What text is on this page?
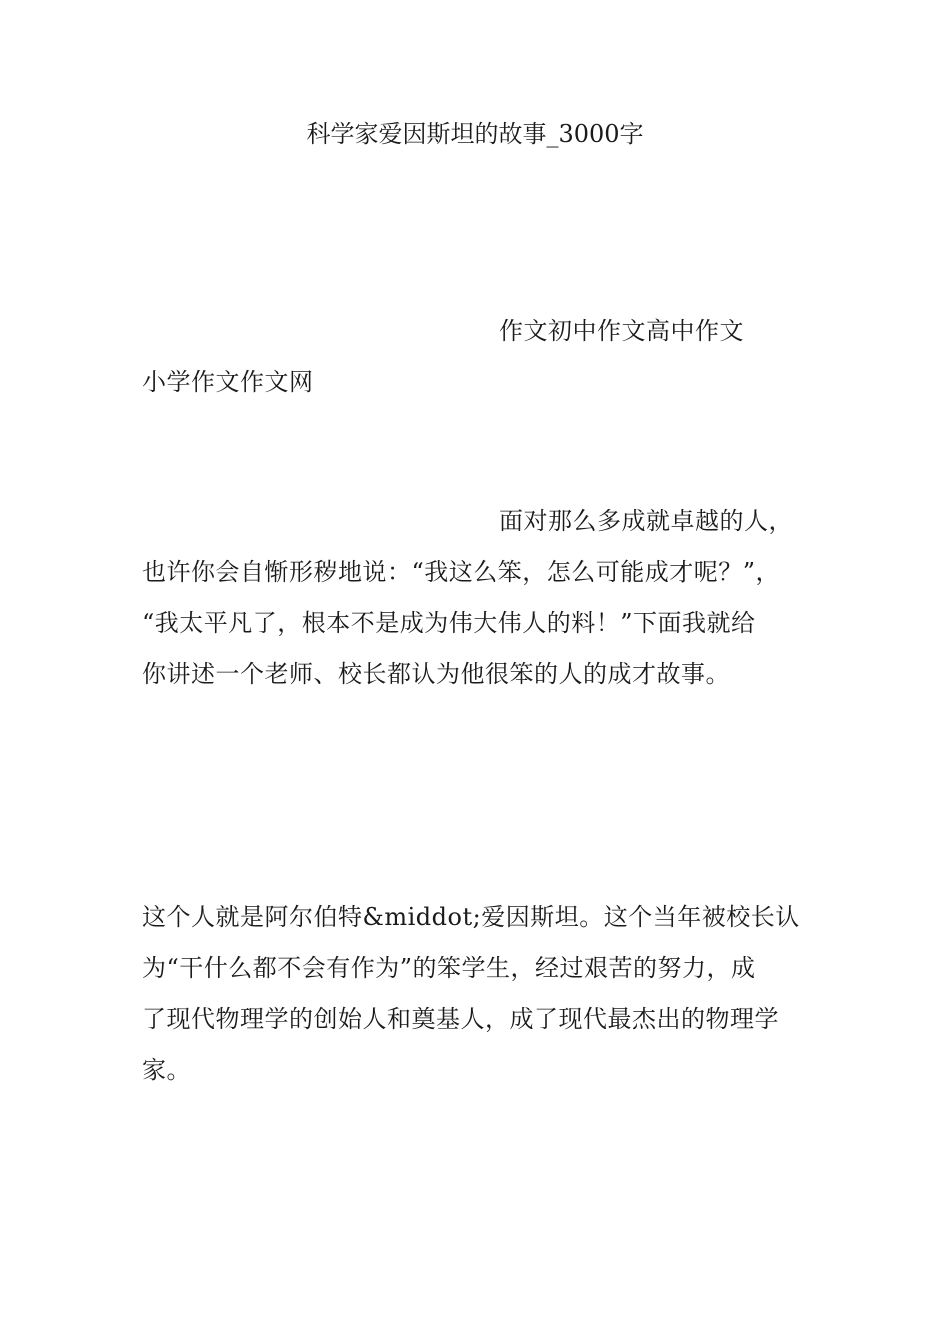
科学家爱因斯坦的故事_3000字
作文初中作文高中作文
小学作文作文网
面对那么多成就卓越的人，
也许你会自惭形秽地说：“我这么笨，怎么可能成才呢？”，
“我太平凡了，根本不是成为伟大伟人的料！”下面我就给
你讲述一个老师、校长都认为他很笨的人的成才故事。
这个人就是阿尔伯特&middot;爱因斯坦。这个当年被校长认
为“干什么都不会有作为”的笨学生，经过艰苦的努力，成
了现代物理学的创始人和奠基人，成了现代最杰出的物理学
家。
